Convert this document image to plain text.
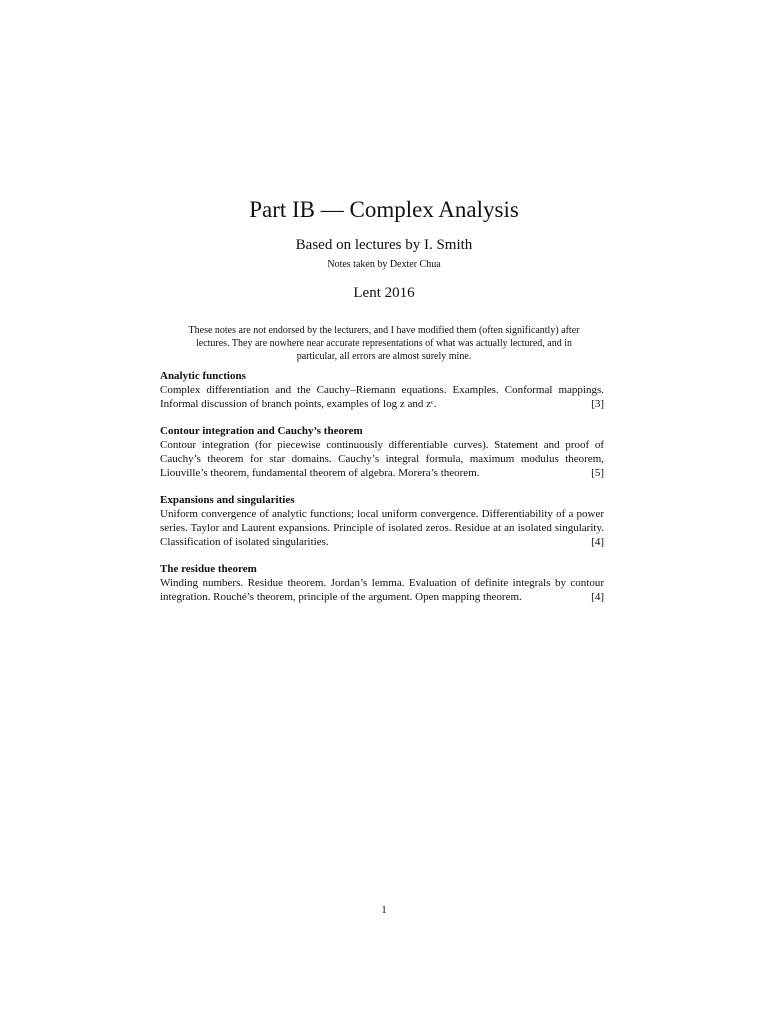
Part IB — Complex Analysis
Based on lectures by I. Smith
Notes taken by Dexter Chua
Lent 2016
These notes are not endorsed by the lecturers, and I have modified them (often significantly) after lectures. They are nowhere near accurate representations of what was actually lectured, and in particular, all errors are almost surely mine.
Analytic functions
Complex differentiation and the Cauchy–Riemann equations. Examples. Conformal mappings. Informal discussion of branch points, examples of log z and zᶜ.	[3]
Contour integration and Cauchy’s theorem
Contour integration (for piecewise continuously differentiable curves). Statement and proof of Cauchy’s theorem for star domains. Cauchy’s integral formula, maximum modulus theorem, Liouville’s theorem, fundamental theorem of algebra. Morera’s theorem.	[5]
Expansions and singularities
Uniform convergence of analytic functions; local uniform convergence. Differentiability of a power series. Taylor and Laurent expansions. Principle of isolated zeros. Residue at an isolated singularity. Classification of isolated singularities.	[4]
The residue theorem
Winding numbers. Residue theorem. Jordan’s lemma. Evaluation of definite integrals by contour integration. Rouché’s theorem, principle of the argument. Open mapping theorem.	[4]
1
